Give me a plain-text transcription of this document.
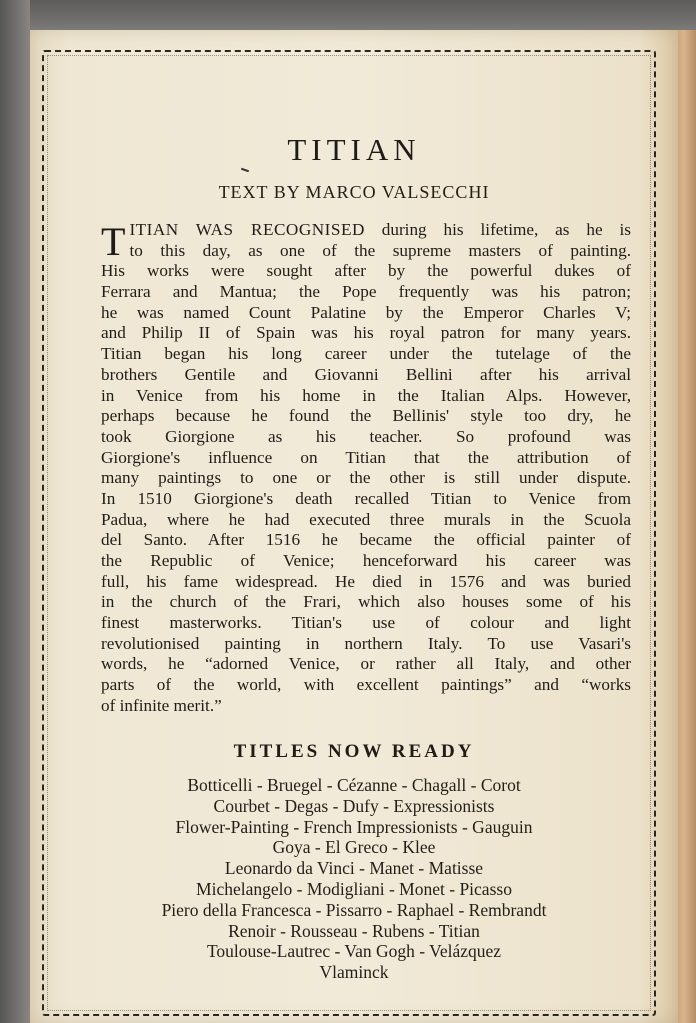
TITIAN
TEXT BY MARCO VALSECCHI
T ITIAN WAS RECOGNISED during his lifetime, as he is
to this day, as one of the supreme masters of painting.
His works were sought after by the powerful dukes of
Ferrara and Mantua; the Pope frequently was his patron;
he was named Count Palatine by the Emperor Charles V;
and Philip II of Spain was his royal patron for many years.
Titian began his long career under the tutelage of the
brothers Gentile and Giovanni Bellini after his arrival
in Venice from his home in the Italian Alps. However,
perhaps because he found the Bellinis' style too dry, he
took Giorgione as his teacher. So profound was
Giorgione's influence on Titian that the attribution of
many paintings to one or the other is still under dispute.
In 1510 Giorgione's death recalled Titian to Venice from
Padua, where he had executed three murals in the Scuola
del Santo. After 1516 he became the official painter of
the Republic of Venice; henceforward his career was
full, his fame widespread. He died in 1576 and was buried
in the church of the Frari, which also houses some of his
finest masterworks. Titian's use of colour and light
revolutionised painting in northern Italy. To use Vasari's
words, he “adorned Venice, or rather all Italy, and other
parts of the world, with excellent paintings” and “works
of infinite merit.”
TITLES NOW READY
Botticelli - Bruegel - Cézanne - Chagall - Corot
Courbet - Degas - Dufy - Expressionists
Flower-Painting - French Impressionists - Gauguin
Goya - El Greco - Klee
Leonardo da Vinci - Manet - Matisse
Michelangelo - Modigliani - Monet - Picasso
Piero della Francesca - Pissarro - Raphael - Rembrandt
Renoir - Rousseau - Rubens - Titian
Toulouse-Lautrec - Van Gogh - Velázquez
Vlaminck
